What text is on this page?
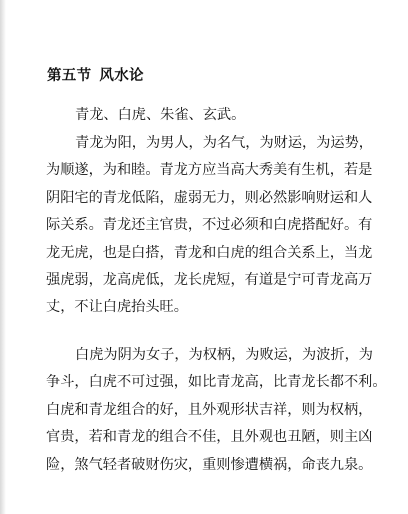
第五节 风水论

青龙、白虎、朱雀、玄武。

青龙为阳，为男人，为名气，为财运，为运势，
为顺遂，为和睦。青龙方应当高大秀美有生机，若是
阴阳宅的青龙低陷，虚弱无力，则必然影响财运和人
际关系。青龙还主官贵，不过必须和白虎搭配好。有
龙无虎，也是白搭，青龙和白虎的组合关系上，当龙
强虎弱，龙高虎低，龙长虎短，有道是宁可青龙高万
丈，不让白虎抬头旺。

白虎为阴为女子，为权柄，为败运，为波折，为
争斗，白虎不可过强，如比青龙高，比青龙长都不利。
白虎和青龙组合的好，且外观形状吉祥，则为权柄，
官贵，若和青龙的组合不佳，且外观也丑陋，则主凶
险，煞气轻者破财伤灾，重则惨遭横祸，命丧九泉。
